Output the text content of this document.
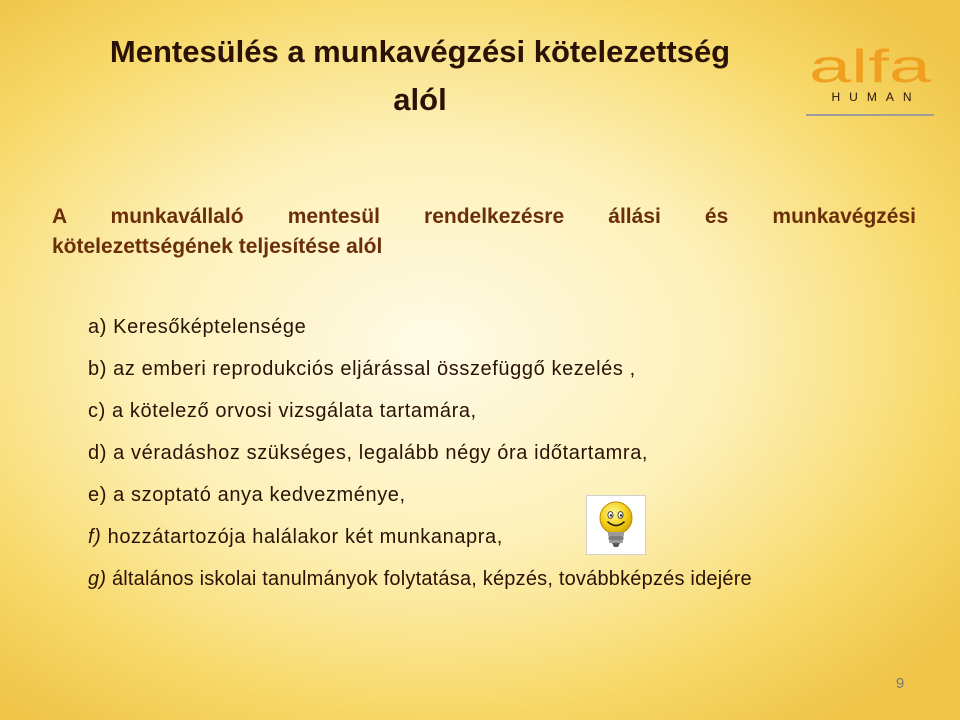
Mentesülés a munkavégzési kötelezettség
alól
alfa
HUMAN
A munkavállaló mentesül rendelkezésre állási és munkavégzési
kötelezettségének teljesítése alól
a) Keresőképtelensége
b) az emberi reprodukciós eljárással összefüggő kezelés ,
c) a kötelező orvosi vizsgálata tartamára,
d) a véradáshoz szükséges, legalább négy óra időtartamra,
e) a szoptató anya kedvezménye,
f) hozzátartozója halálakor két munkanapra,
g) általános iskolai tanulmányok folytatása, képzés, továbbképzés idejére
9
